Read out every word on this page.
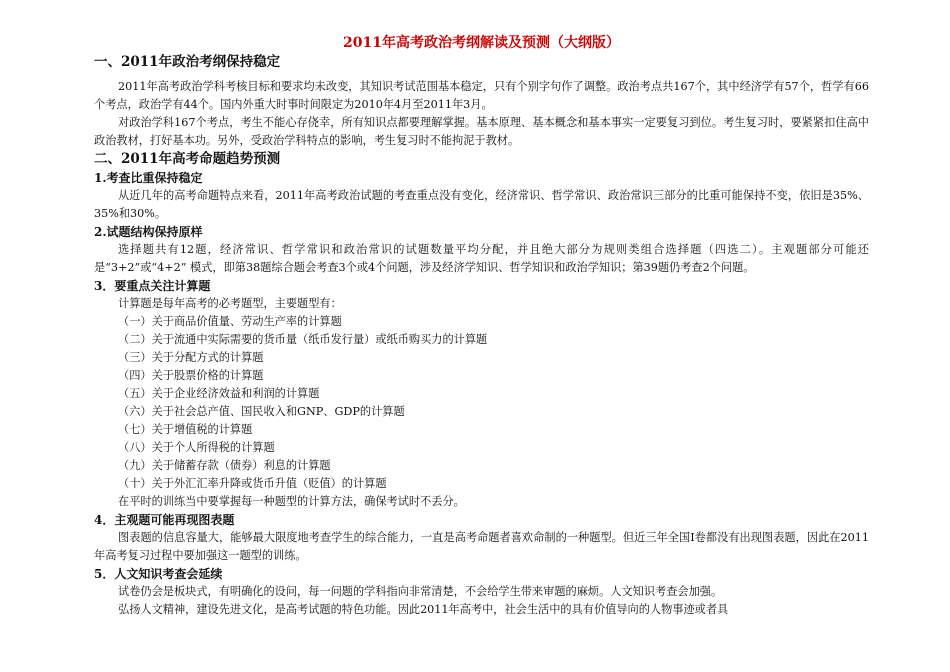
2011年高考政治考纲解读及预测（大纲版）

一、2011年政治考纲保持稳定

2011年高考政治学科考核目标和要求均未改变，其知识考试范围基本稳定，只有个别字句作了调整。政治考点共167个，其中经济学有57个，哲学有66个考点，政治学有44个。国内外重大时事时间限定为2010年4月至2011年3月。

对政治学科167个考点，考生不能心存侥幸，所有知识点都要理解掌握。基本原理、基本概念和基本事实一定要复习到位。考生复习时，要紧紧扣住高中政治教材，打好基本功。另外，受政治学科特点的影响，考生复习时不能拘泥于教材。

二、2011年高考命题趋势预测

1.考查比重保持稳定

从近几年的高考命题特点来看，2011年高考政治试题的考查重点没有变化，经济常识、哲学常识、政治常识三部分的比重可能保持不变，依旧是35%、35%和30%。

2.试题结构保持原样

选择题共有12题，经济常识、哲学常识和政治常识的试题数量平均分配，并且绝大部分为规则类组合选择题（四选二）。主观题部分可能还是“3+2”或“4+2” 模式，即第38题综合题会考查3个或4个问题，涉及经济学知识、哲学知识和政治学知识；第39题仍考查2个问题。

3．要重点关注计算题

计算题是每年高考的必考题型，主要题型有：

（一）关于商品价值量、劳动生产率的计算题

（二）关于流通中实际需要的货币量（纸币发行量）或纸币购买力的计算题

（三）关于分配方式的计算题

（四）关于股票价格的计算题

（五）关于企业经济效益和利润的计算题

（六）关于社会总产值、国民收入和GNP、GDP的计算题

（七）关于增值税的计算题

（八）关于个人所得税的计算题

（九）关于储蓄存款（债券）利息的计算题

（十）关于外汇汇率升降或货币升值（贬值）的计算题

在平时的训练当中要掌握每一种题型的计算方法，确保考试时不丢分。

4．主观题可能再现图表题

图表题的信息容量大，能够最大限度地考查学生的综合能力，一直是高考命题者喜欢命制的一种题型。但近三年全国Ⅰ卷都没有出现图表题，因此在2011年高考复习过程中要加强这一题型的训练。

5．人文知识考查会延续

试卷仍会是板块式，有明确化的设问，每一问题的学科指向非常清楚，不会给学生带来审题的麻烦。人文知识考查会加强。

弘扬人文精神，建设先进文化，是高考试题的特色功能。因此2011年高考中，社会生活中的具有价值导向的人物事迹或者具
